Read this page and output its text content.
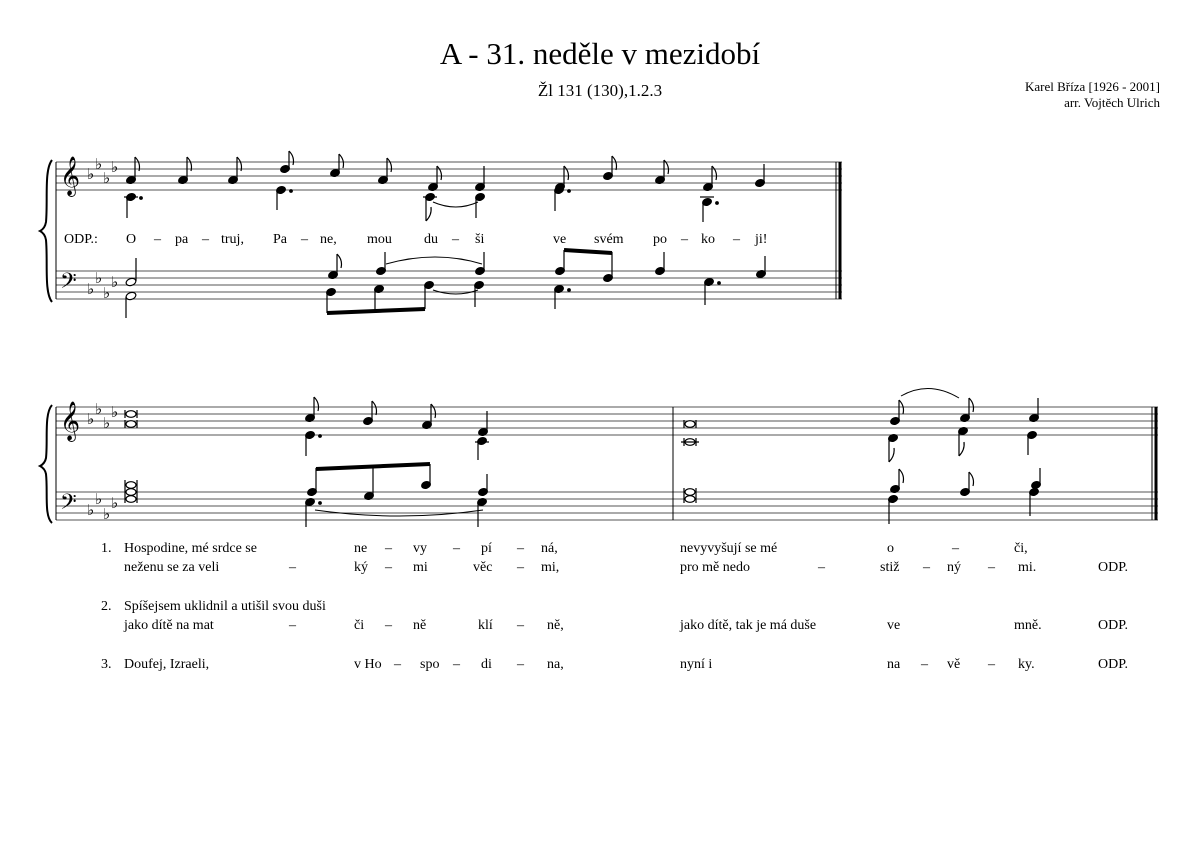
A - 31. neděle v mezidobí
Žl 131 (130),1.2.3	Karel Bříza [1926 - 2001]
arr. Vojtěch Ulrich
𝄞
𝄢
♭
♭
♭
♭
♭
♭
♭
♭
ODP.: O – pa – truj, Pa – ne, mou du – ši	ve svém po – ko – ji!
𝄞
𝄢
♭
♭
♭
♭
♭
♭
♭
♭
1. Hospodine, mé srdce se	ne – vy – pí – ná,	nevyvyšují se mé	o	–	či,
neženu se za veli	–	ký – mi	věc – mi,	pro mě nedo	–	stiž – ný – mi.	ODP.
2. Spíšejsem uklidnil a utišil svou duši
jako dítě na mat	–	či – ně	klí – ně,	jako dítě, tak je má duše	ve	mně.	ODP.
3. Doufej, Izraeli,	v Ho – spo – di – na,	nyní i	na – vě – ky.	ODP.
